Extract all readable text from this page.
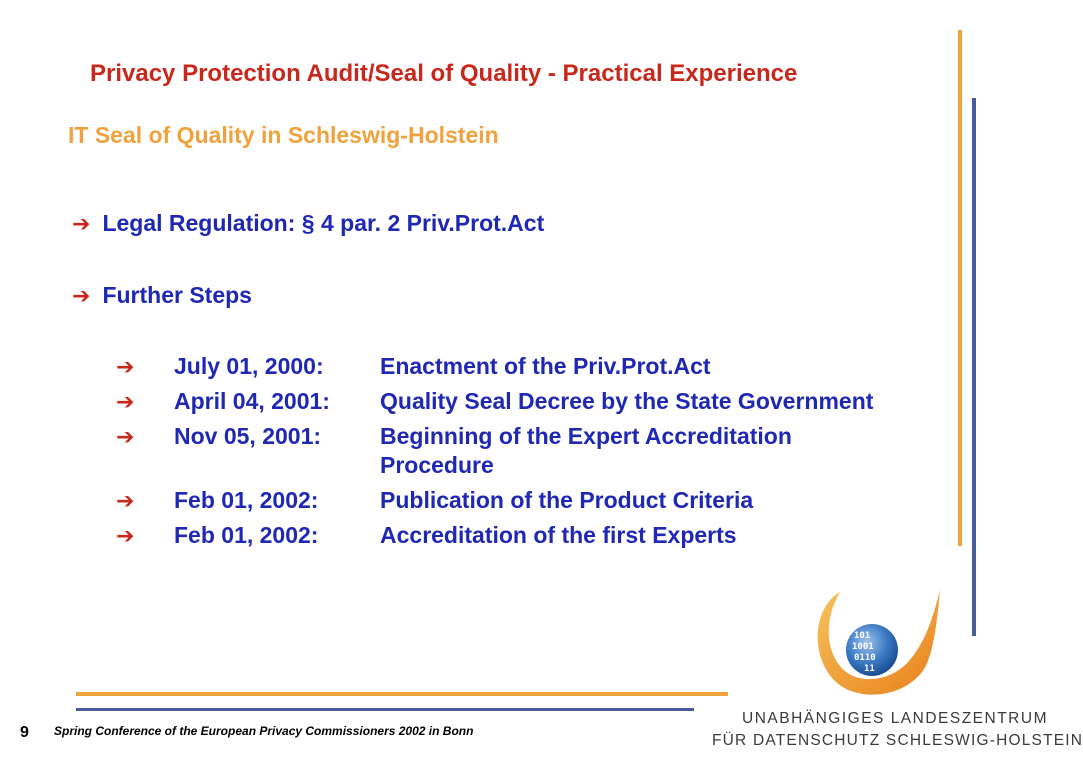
Privacy Protection Audit/Seal of Quality - Practical Experience
IT Seal of Quality in Schleswig-Holstein
➔ Legal Regulation: § 4 par. 2 Priv.Prot.Act
➔ Further Steps
➔ July 01, 2000: Enactment of the Priv.Prot.Act
➔ April 04, 2001: Quality Seal Decree by the State Government
➔ Nov 05, 2001:	Beginning of the Expert Accreditation Procedure
➔ Feb 01, 2002:	Publication of the Product Criteria
➔ Feb 01, 2002:	Accreditation of the first Experts
101
1001
0110
11
UNABHÄNGIGES LANDESZENTRUM
FÜR DATENSCHUTZ SCHLESWIG-HOLSTEIN
9 Spring Conference of the European Privacy Commissioners 2002 in Bonn
